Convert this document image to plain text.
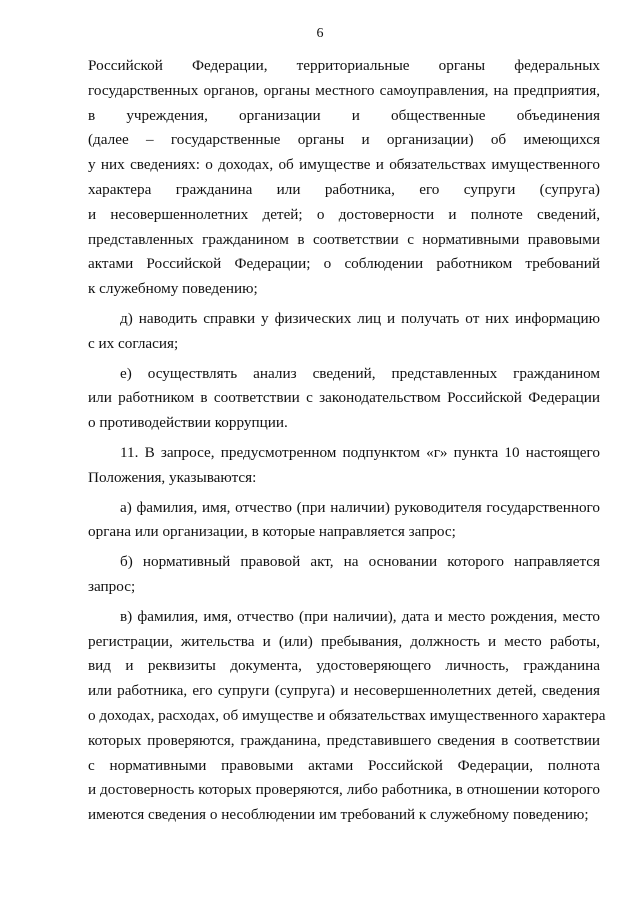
6
Российской Федерации, территориальные органы федеральных
государственных органов, органы местного самоуправления, на предприятия,
в учреждения, организации и общественные объединения
(далее – государственные органы и организации) об имеющихся
у них сведениях: о доходах, об имуществе и обязательствах имущественного
характера гражданина или работника, его супруги (супруга)
и несовершеннолетних детей; о достоверности и полноте сведений,
представленных гражданином в соответствии с нормативными правовыми
актами Российской Федерации; о соблюдении работником требований
к служебному поведению;
д) наводить справки у физических лиц и получать от них информацию
с их согласия;
е) осуществлять анализ сведений, представленных гражданином
или работником в соответствии с законодательством Российской Федерации
о противодействии коррупции.
11. В запросе, предусмотренном подпунктом «г» пункта 10 настоящего
Положения, указываются:
а) фамилия, имя, отчество (при наличии) руководителя государственного
органа или организации, в которые направляется запрос;
б) нормативный правовой акт, на основании которого направляется
запрос;
в) фамилия, имя, отчество (при наличии), дата и место рождения, место
регистрации, жительства и (или) пребывания, должность и место работы,
вид и реквизиты документа, удостоверяющего личность, гражданина
или работника, его супруги (супруга) и несовершеннолетних детей, сведения
о доходах, расходах, об имуществе и обязательствах имущественного характера
которых проверяются, гражданина, представившего сведения в соответствии
с нормативными правовыми актами Российской Федерации, полнота
и достоверность которых проверяются, либо работника, в отношении которого
имеются сведения о несоблюдении им требований к служебному поведению;
